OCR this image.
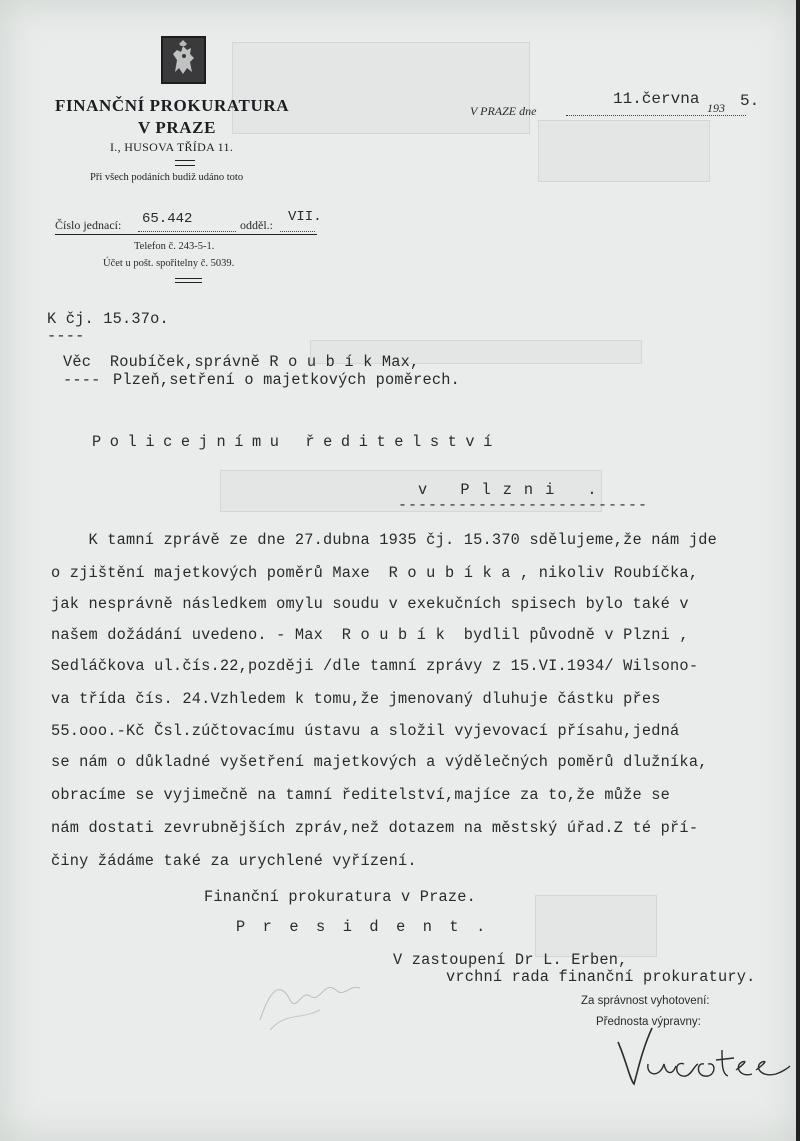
FINANČNÍ PROKURATURA
V PRAZE
I., HUSOVA TŘÍDA 11.
Při všech podáních budiž udáno toto
Číslo jednací: 65.442	odděl.: VII.
Telefon č. 243-5-1.
Účet u pošt. spořitelny č. 5039.
V PRAZE dne
11.června 193 5.
K čj. 15.37o.
----
Věc  Roubíček,správně R o u b í k Max,
---- Plzeň,setření o majetkových poměrech.
Policejnímu ředitelství
v Plzni .
-------------------------
K tamní zprávě ze dne 27.dubna 1935 čj. 15.370 sdělujeme,že nám jde
o zjištění majetkových poměrů Maxe  R o u b í k a , nikoliv Roubíčka,
jak nesprávně následkem omylu soudu v exekučních spisech bylo také v
našem dožádání uvedeno. - Max  R o u b í k  bydlil původně v Plzni ,
Sedláčkova ul.čís.22,později /dle tamní zprávy z 15.VI.1934/ Wilsono-
va třída čís. 24.Vzhledem k tomu,že jmenovaný dluhuje částku přes
55.ooo.-Kč Čsl.zúčtovacímu ústavu a složil vyjevovací přísahu,jedná
se nám o důkladné vyšetření majetkových a výdělečných poměrů dlužníka,
obracíme se vyjimečně na tamní ředitelství,majíce za to,že může se
nám dostati zevrubnějších zpráv,než dotazem na městský úřad.Z té pří-
činy žádáme také za urychlené vyřízení.
Finanční prokuratura v Praze.
President.
V zastoupení Dr L. Erben,
vrchní rada finanční prokuratury.
Za správnost vyhotovení:
Přednosta výpravny:
